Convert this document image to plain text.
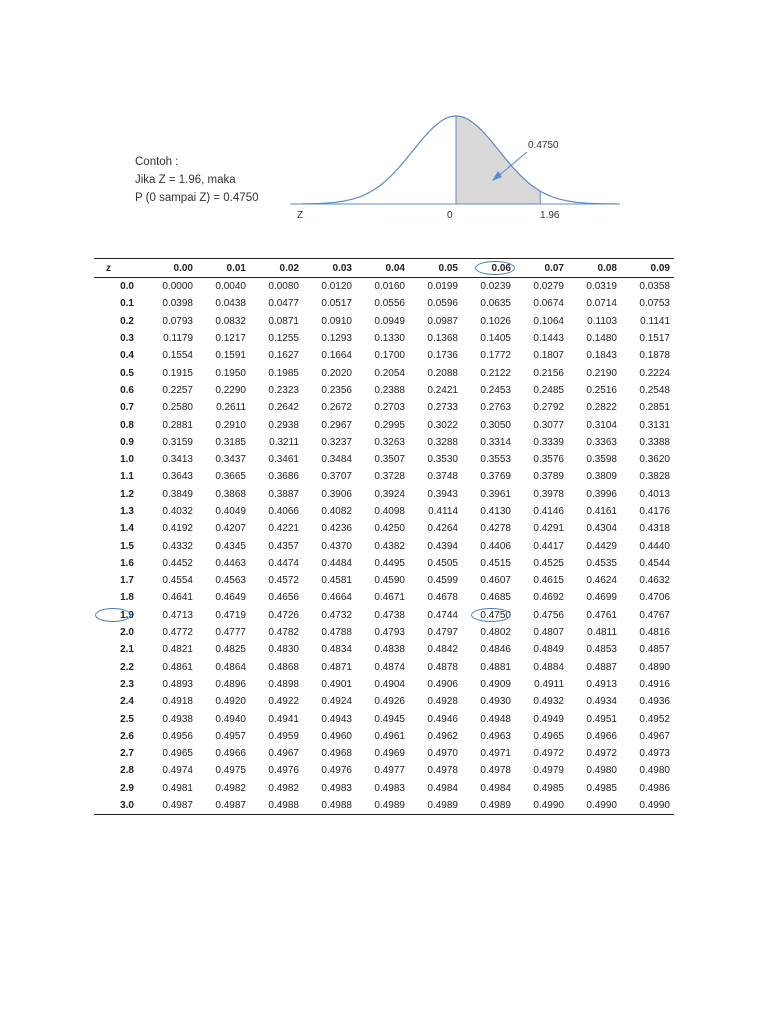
Contoh :
Jika Z = 1.96, maka
P (0 sampai Z) = 0.4750
0.4750
Z	0	1.96
z	0.00	0.01	0.02	0.03	0.04	0.05	0.06	0.07	0.08	0.09
0.0	0.0000	0.0040	0.0080	0.0120	0.0160	0.0199	0.0239	0.0279	0.0319	0.0358
0.1	0.0398	0.0438	0.0477	0.0517	0.0556	0.0596	0.0635	0.0674	0.0714	0.0753
0.2	0.0793	0.0832	0.0871	0.0910	0.0949	0.0987	0.1026	0.1064	0.1103	0.1141
0.3	0.1179	0.1217	0.1255	0.1293	0.1330	0.1368	0.1405	0.1443	0.1480	0.1517
0.4	0.1554	0.1591	0.1627	0.1664	0.1700	0.1736	0.1772	0.1807	0.1843	0.1878
0.5	0.1915	0.1950	0.1985	0.2020	0.2054	0.2088	0.2122	0.2156	0.2190	0.2224
0.6	0.2257	0.2290	0.2323	0.2356	0.2388	0.2421	0.2453	0.2485	0.2516	0.2548
0.7	0.2580	0.2611	0.2642	0.2672	0.2703	0.2733	0.2763	0.2792	0.2822	0.2851
0.8	0.2881	0.2910	0.2938	0.2967	0.2995	0.3022	0.3050	0.3077	0.3104	0.3131
0.9	0.3159	0.3185	0.3211	0.3237	0.3263	0.3288	0.3314	0.3339	0.3363	0.3388
1.0	0.3413	0.3437	0.3461	0.3484	0.3507	0.3530	0.3553	0.3576	0.3598	0.3620
1.1	0.3643	0.3665	0.3686	0.3707	0.3728	0.3748	0.3769	0.3789	0.3809	0.3828
1.2	0.3849	0.3868	0.3887	0.3906	0.3924	0.3943	0.3961	0.3978	0.3996	0.4013
1.3	0.4032	0.4049	0.4066	0.4082	0.4098	0.4114	0.4130	0.4146	0.4161	0.4176
1.4	0.4192	0.4207	0.4221	0.4236	0.4250	0.4264	0.4278	0.4291	0.4304	0.4318
1.5	0.4332	0.4345	0.4357	0.4370	0.4382	0.4394	0.4406	0.4417	0.4429	0.4440
1.6	0.4452	0.4463	0.4474	0.4484	0.4495	0.4505	0.4515	0.4525	0.4535	0.4544
1.7	0.4554	0.4563	0.4572	0.4581	0.4590	0.4599	0.4607	0.4615	0.4624	0.4632
1.8	0.4641	0.4649	0.4656	0.4664	0.4671	0.4678	0.4685	0.4692	0.4699	0.4706
1.9	0.4713	0.4719	0.4726	0.4732	0.4738	0.4744	0.4750	0.4756	0.4761	0.4767
2.0	0.4772	0.4777	0.4782	0.4788	0.4793	0.4797	0.4802	0.4807	0.4811	0.4816
2.1	0.4821	0.4825	0.4830	0.4834	0.4838	0.4842	0.4846	0.4849	0.4853	0.4857
2.2	0.4861	0.4864	0.4868	0.4871	0.4874	0.4878	0.4881	0.4884	0.4887	0.4890
2.3	0.4893	0.4896	0.4898	0.4901	0.4904	0.4906	0.4909	0.4911	0.4913	0.4916
2.4	0.4918	0.4920	0.4922	0.4924	0.4926	0.4928	0.4930	0.4932	0.4934	0.4936
2.5	0.4938	0.4940	0.4941	0.4943	0.4945	0.4946	0.4948	0.4949	0.4951	0.4952
2.6	0.4956	0.4957	0.4959	0.4960	0.4961	0.4962	0.4963	0.4965	0.4966	0.4967
2.7	0.4965	0.4966	0.4967	0.4968	0.4969	0.4970	0.4971	0.4972	0.4972	0.4973
2.8	0.4974	0.4975	0.4976	0.4976	0.4977	0.4978	0.4978	0.4979	0.4980	0.4980
2.9	0.4981	0.4982	0.4982	0.4983	0.4983	0.4984	0.4984	0.4985	0.4985	0.4986
3.0	0.4987	0.4987	0.4988	0.4988	0.4989	0.4989	0.4989	0.4990	0.4990	0.4990
